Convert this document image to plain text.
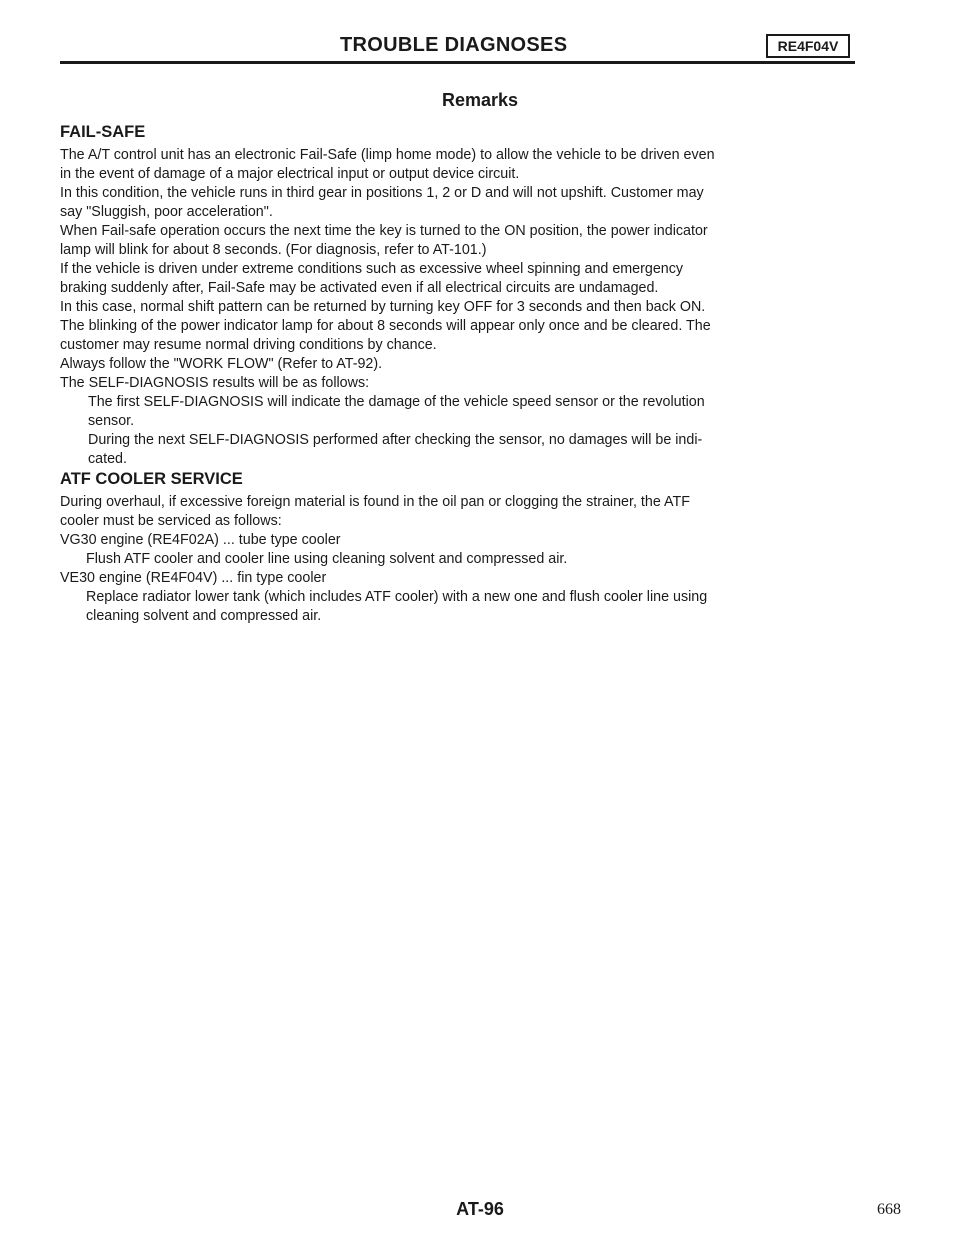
TROUBLE DIAGNOSES	RE4F04V
Remarks
FAIL-SAFE

The A/T control unit has an electronic Fail-Safe (limp home mode) to allow the vehicle to be driven even

in the event of damage of a major electrical input or output device circuit.

In this condition, the vehicle runs in third gear in positions 1, 2 or D and will not upshift. Customer may

say "Sluggish, poor acceleration".

When Fail-safe operation occurs the next time the key is turned to the ON position, the power indicator

lamp will blink for about 8 seconds. (For diagnosis, refer to AT-101.)

If the vehicle is driven under extreme conditions such as excessive wheel spinning and emergency

braking suddenly after, Fail-Safe may be activated even if all electrical circuits are undamaged.

In this case, normal shift pattern can be returned by turning key OFF for 3 seconds and then back ON.

The blinking of the power indicator lamp for about 8 seconds will appear only once and be cleared. The

customer may resume normal driving conditions by chance.

Always follow the "WORK FLOW" (Refer to AT-92).

The SELF-DIAGNOSIS results will be as follows:

The first SELF-DIAGNOSIS will indicate the damage of the vehicle speed sensor or the revolution

sensor.

During the next SELF-DIAGNOSIS performed after checking the sensor, no damages will be indi-

cated.

ATF COOLER SERVICE

During overhaul, if excessive foreign material is found in the oil pan or clogging the strainer, the ATF

cooler must be serviced as follows:

VG30 engine (RE4F02A) ... tube type cooler

Flush ATF cooler and cooler line using cleaning solvent and compressed air.

VE30 engine (RE4F04V) ... fin type cooler

Replace radiator lower tank (which includes ATF cooler) with a new one and flush cooler line using

cleaning solvent and compressed air.

AT-96	668
